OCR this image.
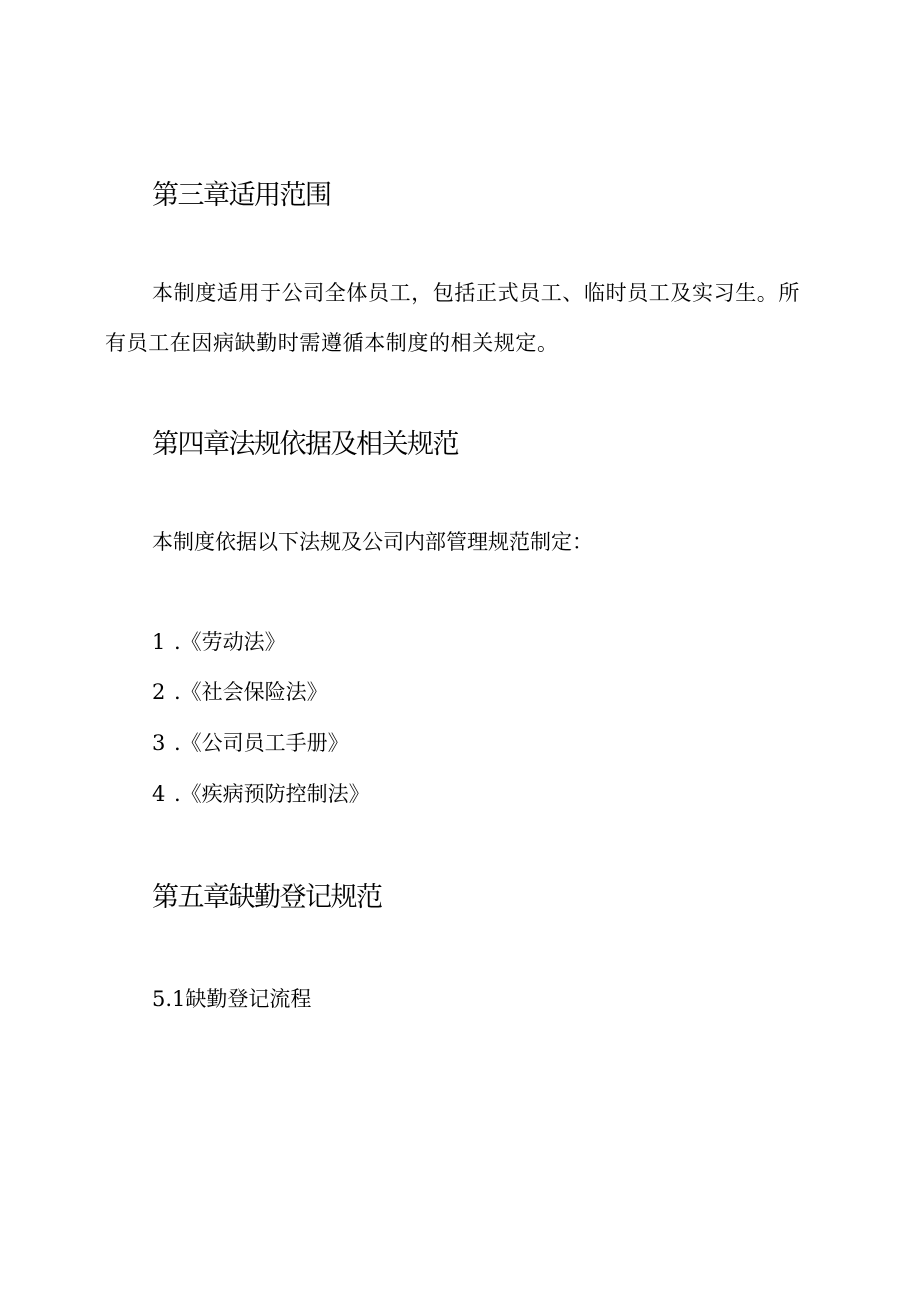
第三章适用范围

本制度适用于公司全体员工，包括正式员工、临时员工及实习生。所有员工在因病缺勤时需遵循本制度的相关规定。

第四章法规依据及相关规范

本制度依据以下法规及公司内部管理规范制定：

1 .《劳动法》
2 .《社会保险法》
3 .《公司员工手册》
4 .《疾病预防控制法》
第五章缺勤登记规范

5.1缺勤登记流程
